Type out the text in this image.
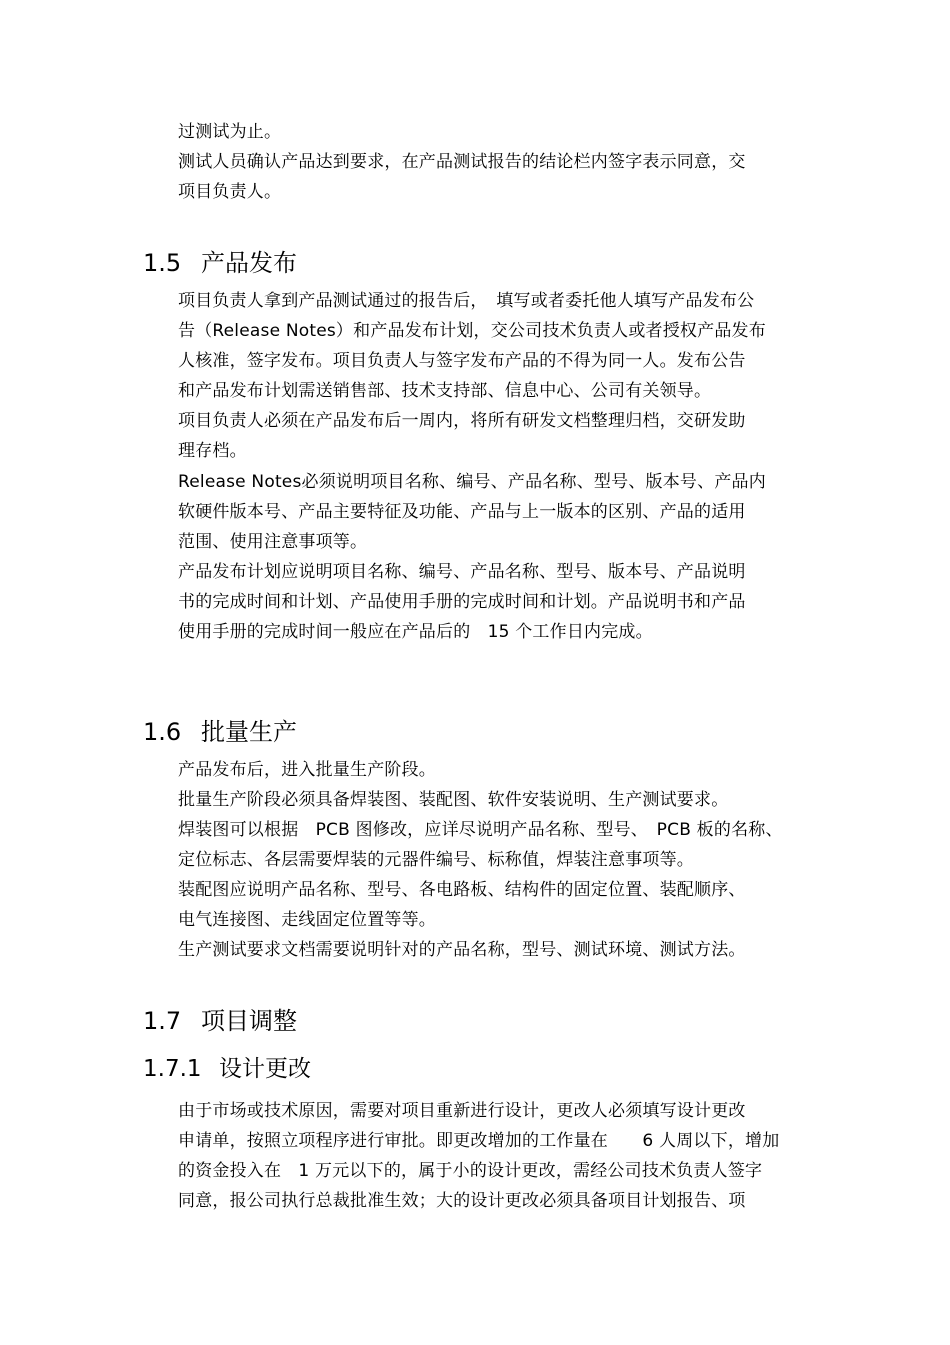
过测试为止。
测试人员确认产品达到要求，在产品测试报告的结论栏内签字表示同意，交
项目负责人。
1.5 产品发布
项目负责人拿到产品测试通过的报告后，　填写或者委托他人填写产品发布公
告（Release Notes）和产品发布计划，交公司技术负责人或者授权产品发布
人核准，签字发布。项目负责人与签字发布产品的不得为同一人。发布公告
和产品发布计划需送销售部、技术支持部、信息中心、公司有关领导。
项目负责人必须在产品发布后一周内，将所有研发文档整理归档，交研发助
理存档。
Release Notes必须说明项目名称、编号、产品名称、型号、版本号、产品内
软硬件版本号、产品主要特征及功能、产品与上一版本的区别、产品的适用
范围、使用注意事项等。
产品发布计划应说明项目名称、编号、产品名称、型号、版本号、产品说明
书的完成时间和计划、产品使用手册的完成时间和计划。产品说明书和产品
使用手册的完成时间一般应在产品后的　15 个工作日内完成。
1.6 批量生产
产品发布后，进入批量生产阶段。
批量生产阶段必须具备焊装图、装配图、软件安装说明、生产测试要求。
焊装图可以根据　PCB 图修改，应详尽说明产品名称、型号、　PCB 板的名称、
定位标志、各层需要焊装的元器件编号、标称值，焊装注意事项等。
装配图应说明产品名称、型号、各电路板、结构件的固定位置、装配顺序、
电气连接图、走线固定位置等等。
生产测试要求文档需要说明针对的产品名称，型号、测试环境、测试方法。
1.7 项目调整
1.7.1 设计更改
由于市场或技术原因，需要对项目重新进行设计，更改人必须填写设计更改
申请单，按照立项程序进行审批。即更改增加的工作量在　　6 人周以下，增加
的资金投入在　1 万元以下的，属于小的设计更改，需经公司技术负责人签字
同意，报公司执行总裁批准生效；大的设计更改必须具备项目计划报告、项
